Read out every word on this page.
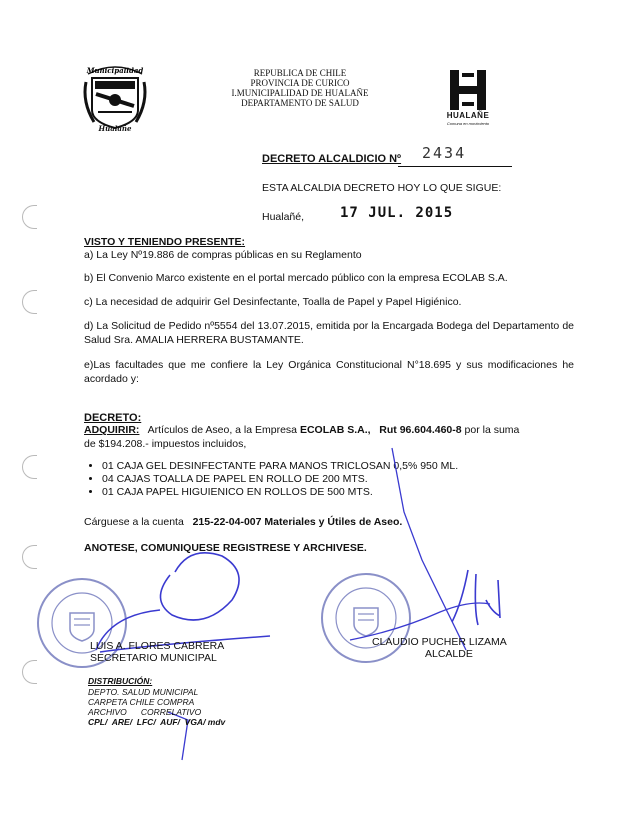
Municipalidad
Hualañe
REPUBLICA DE CHILE
PROVINCIA DE CURICO
I.MUNICIPALIDAD DE HUALAÑE
DEPARTAMENTO DE SALUD
HUALAÑE
Comuna en movimiento
DECRETO ALCALDICIO Nº 2434
ESTA ALCALDIA DECRETO HOY LO QUE SIGUE:
Hualañé,	17 JUL. 2015
VISTO Y TENIENDO PRESENTE:
a) La Ley Nº19.886 de compras públicas en su Reglamento
b) El Convenio Marco existente en el portal mercado público con la empresa ECOLAB S.A.
c) La necesidad de adquirir Gel Desinfectante, Toalla de Papel y Papel Higiénico.
d) La Solicitud de Pedido nº5554 del 13.07.2015, emitida por la Encargada Bodega del Departamento de Salud Sra. AMALIA HERRERA BUSTAMANTE.
e)Las facultades que me confiere la Ley Orgánica Constitucional N°18.695 y sus modificaciones he acordado y:
DECRETO:
ADQUIRIR: Artículos de Aseo, a la Empresa ECOLAB S.A., Rut 96.604.460-8 por la suma
de $194.208.- impuestos incluidos,
• 01 CAJA GEL DESINFECTANTE PARA MANOS TRICLOSAN 0,5% 950 ML.
• 04 CAJAS TOALLA DE PAPEL EN ROLLO DE 200 MTS.
• 01 CAJA PAPEL HIGUIENICO EN ROLLOS DE 500 MTS.
Cárguese a la cuenta 215-22-04-007 Materiales y Útiles de Aseo.
ANOTESE, COMUNIQUESE REGISTRESE Y ARCHIVESE.
LUIS A. FLORES CABRERA
SECRETARIO MUNICIPAL
CLAUDIO PUCHER LIZAMA
ALCALDE
DISTRIBUCIÓN:
DEPTO. SALUD MUNICIPAL
CARPETA CHILE COMPRA
ARCHIVO      CORRELATIVO
CPL/  ARE/  LFC/  AUF/  VGA/ mdv
